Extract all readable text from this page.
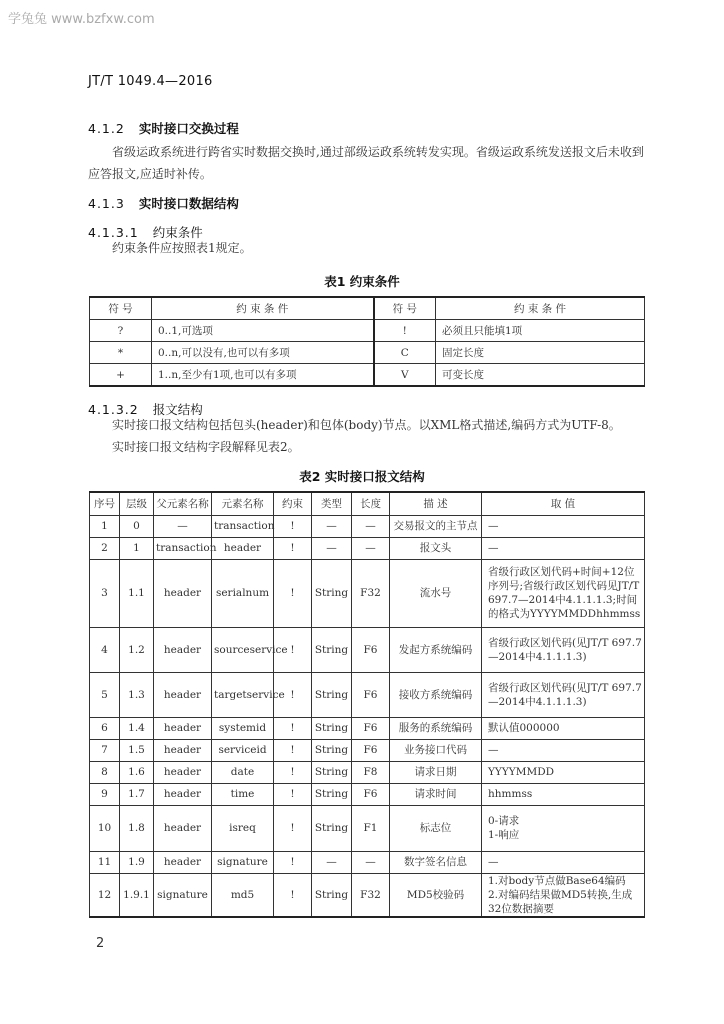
学兔兔 www.bzfxw.com
JT/T 1049.4—2016
4.1.2 实时接口交换过程
省级运政系统进行跨省实时数据交换时,通过部级运政系统转发实现。省级运政系统发送报文后未收到应答报文,应适时补传。
4.1.3 实时接口数据结构
4.1.3.1 约束条件
约束条件应按照表1规定。
表1 约束条件
符 号	约 束 条 件	符 号	约 束 条 件
?	0..1,可选项	!	必须且只能填1项
*	0..n,可以没有,也可以有多项	C	固定长度
+	1..n,至少有1项,也可以有多项	V	可变长度
4.1.3.2 报文结构
实时接口报文结构包括包头(header)和包体(body)节点。以XML格式描述,编码方式为UTF-8。
实时接口报文结构字段解释见表2。
表2 实时接口报文结构
序号	层级	父元素名称	元素名称	约束	类型	长度	描 述	取 值
1	0	—	transaction	!	—	—	交易报文的主节点	—

2	1	transaction	header	!	—	—	报文头	—

3	1.1	header	serialnum	!	String	F32	流水号	省级行政区划代码+时间+12位序列号;省级行政区划代码见JT/T 697.7—2014中4.1.1.1.3;时间的格式为YYYYMMDDhhmmss

4	1.2	header	sourceservice	!	String	F6	发起方系统编码	省级行政区划代码(见JT/T 697.7—2014中4.1.1.1.3)

5	1.3	header	targetservice	!	String	F6	接收方系统编码	省级行政区划代码(见JT/T 697.7—2014中4.1.1.1.3)

6	1.4	header	systemid	!	String	F6	服务的系统编码	默认值000000

7	1.5	header	serviceid	!	String	F6	业务接口代码	—

8	1.6	header	date	!	String	F8	请求日期	YYYYMMDD

9	1.7	header	time	!	String	F6	请求时间	hhmmss

10	1.8	header	isreq	!	String	F1	标志位	0-请求
1-响应

11	1.9	header	signature	!	—	—	数字签名信息	—

12	1.9.1	signature	md5	!	String	F32	MD5校验码	1.对body节点做Base64编码
2.对编码结果做MD5转换,生成32位数据摘要
2
